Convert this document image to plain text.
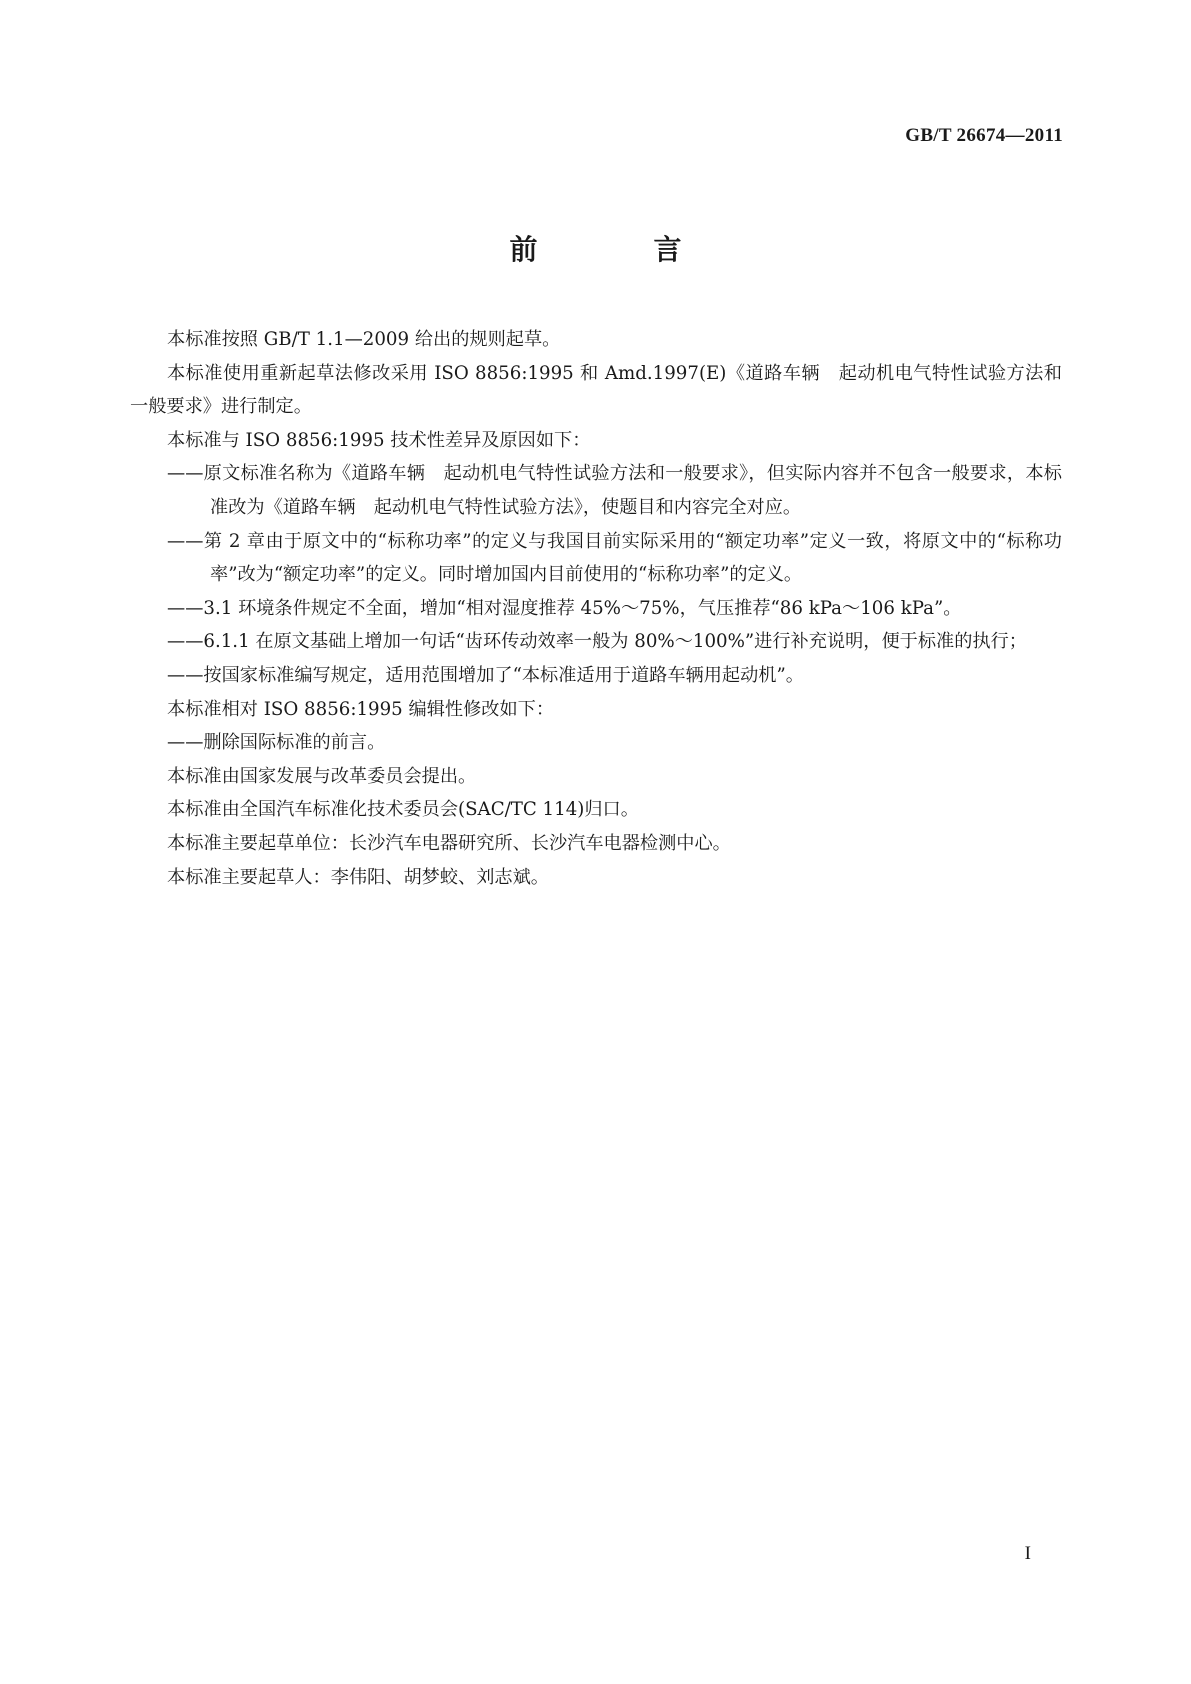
GB/T 26674—2011
前　言

本标准按照 GB/T 1.1—2009 给出的规则起草。

本标准使用重新起草法修改采用 ISO 8856:1995 和 Amd.1997(E)《道路车辆　起动机电气特性试验方法和一般要求》进行制定。

本标准与 ISO 8856:1995 技术性差异及原因如下：

——原文标准名称为《道路车辆　起动机电气特性试验方法和一般要求》，但实际内容并不包含一般要求，本标准改为《道路车辆　起动机电气特性试验方法》，使题目和内容完全对应。

——第 2 章由于原文中的“标称功率”的定义与我国目前实际采用的“额定功率”定义一致，将原文中的“标称功率”改为“额定功率”的定义。同时增加国内目前使用的“标称功率”的定义。

——3.1 环境条件规定不全面，增加“相对湿度推荐 45%～75%，气压推荐“86 kPa～106 kPa”。

——6.1.1 在原文基础上增加一句话“齿环传动效率一般为 80%～100%”进行补充说明，便于标准的执行；

——按国家标准编写规定，适用范围增加了“本标准适用于道路车辆用起动机”。

本标准相对 ISO 8856:1995 编辑性修改如下：

——删除国际标准的前言。

本标准由国家发展与改革委员会提出。

本标准由全国汽车标准化技术委员会(SAC/TC 114)归口。

本标准主要起草单位：长沙汽车电器研究所、长沙汽车电器检测中心。

本标准主要起草人：李伟阳、胡梦蛟、刘志斌。

I
